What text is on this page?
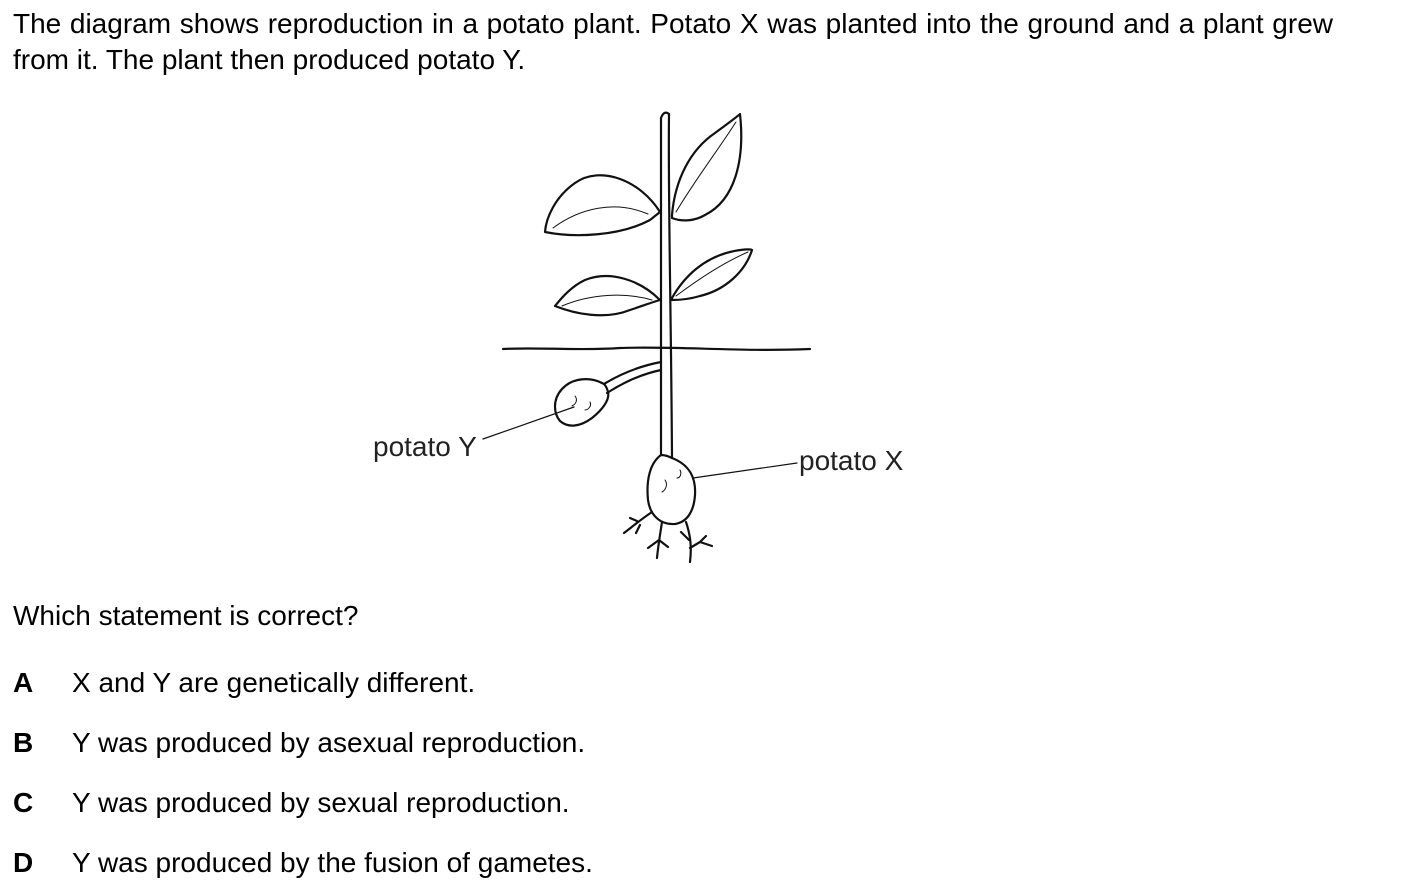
The diagram shows reproduction in a potato plant. Potato X was planted into the ground and a plant grew from it. The plant then produced potato Y.

potato Y	potato X

Which statement is correct?

A X and Y are genetically different.
B Y was produced by asexual reproduction.
C Y was produced by sexual reproduction.
D Y was produced by the fusion of gametes.
